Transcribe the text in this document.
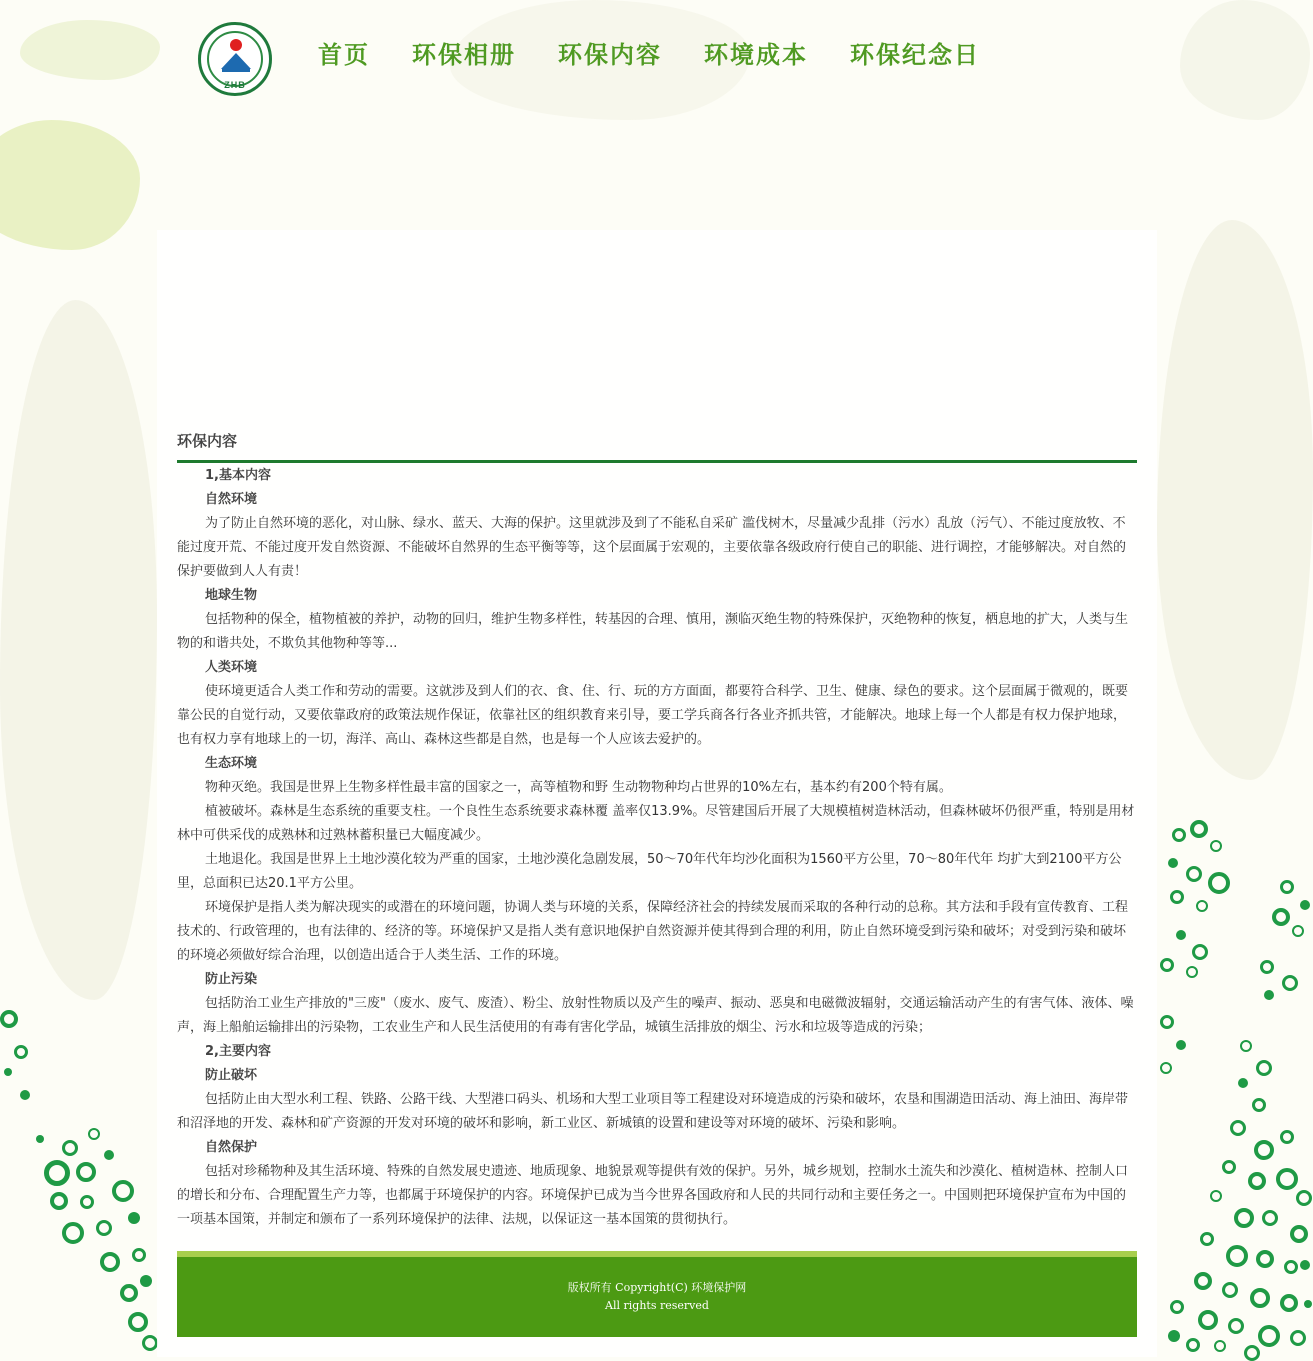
ZHB
首页 环保相册 环保内容 环境成本 环保纪念日
环保内容

1,基本内容

自然环境

为了防止自然环境的恶化，对山脉、绿水、蓝天、大海的保护。这里就涉及到了不能私自采矿 滥伐树木，尽量减少乱排（污水）乱放（污气）、不能过度放牧、不能过度开荒、不能过度开发自然资源、不能破坏自然界的生态平衡等等，这个层面属于宏观的，主要依靠各级政府行使自己的职能、进行调控，才能够解决。对自然的保护要做到人人有责！

地球生物

包括物种的保全，植物植被的养护，动物的回归，维护生物多样性，转基因的合理、慎用，濒临灭绝生物的特殊保护，灭绝物种的恢复，栖息地的扩大，人类与生物的和谐共处，不欺负其他物种等等...

人类环境

使环境更适合人类工作和劳动的需要。这就涉及到人们的衣、食、住、行、玩的方方面面，都要符合科学、卫生、健康、绿色的要求。这个层面属于微观的，既要靠公民的自觉行动，又要依靠政府的政策法规作保证，依靠社区的组织教育来引导，要工学兵商各行各业齐抓共管，才能解决。地球上每一个人都是有权力保护地球，也有权力享有地球上的一切，海洋、高山、森林这些都是自然，也是每一个人应该去爱护的。

生态环境

物种灭绝。我国是世界上生物多样性最丰富的国家之一，高等植物和野 生动物物种均占世界的10%左右，基本约有200个特有属。

植被破坏。森林是生态系统的重要支柱。一个良性生态系统要求森林覆 盖率仅13.9%。尽管建国后开展了大规模植树造林活动，但森林破坏仍很严重，特别是用材林中可供采伐的成熟林和过熟林蓄积量已大幅度减少。

土地退化。我国是世界上土地沙漠化较为严重的国家，土地沙漠化急剧发展，50～70年代年均沙化面积为1560平方公里，70～80年代年 均扩大到2100平方公里，总面积已达20.1平方公里。

环境保护是指人类为解决现实的或潜在的环境问题，协调人类与环境的关系，保障经济社会的持续发展而采取的各种行动的总称。其方法和手段有宣传教育、工程技术的、行政管理的，也有法律的、经济的等。环境保护又是指人类有意识地保护自然资源并使其得到合理的利用，防止自然环境受到污染和破坏；对受到污染和破坏的环境必须做好综合治理，以创造出适合于人类生活、工作的环境。

防止污染

包括防治工业生产排放的"三废"（废水、废气、废渣）、粉尘、放射性物质以及产生的噪声、振动、恶臭和电磁微波辐射，交通运输活动产生的有害气体、液体、噪声，海上船舶运输排出的污染物，工农业生产和人民生活使用的有毒有害化学品，城镇生活排放的烟尘、污水和垃圾等造成的污染；

2,主要内容

防止破坏

包括防止由大型水利工程、铁路、公路干线、大型港口码头、机场和大型工业项目等工程建设对环境造成的污染和破坏，农垦和围湖造田活动、海上油田、海岸带和沼泽地的开发、森林和矿产资源的开发对环境的破坏和影响，新工业区、新城镇的设置和建设等对环境的破坏、污染和影响。

自然保护

包括对珍稀物种及其生活环境、特殊的自然发展史遗迹、地质现象、地貌景观等提供有效的保护。另外，城乡规划，控制水土流失和沙漠化、植树造林、控制人口的增长和分布、合理配置生产力等，也都属于环境保护的内容。环境保护已成为当今世界各国政府和人民的共同行动和主要任务之一。中国则把环境保护宣布为中国的一项基本国策，并制定和颁布了一系列环境保护的法律、法规，以保证这一基本国策的贯彻执行。

版权所有 Copyright(C) 环境保护网
All rights reserved
